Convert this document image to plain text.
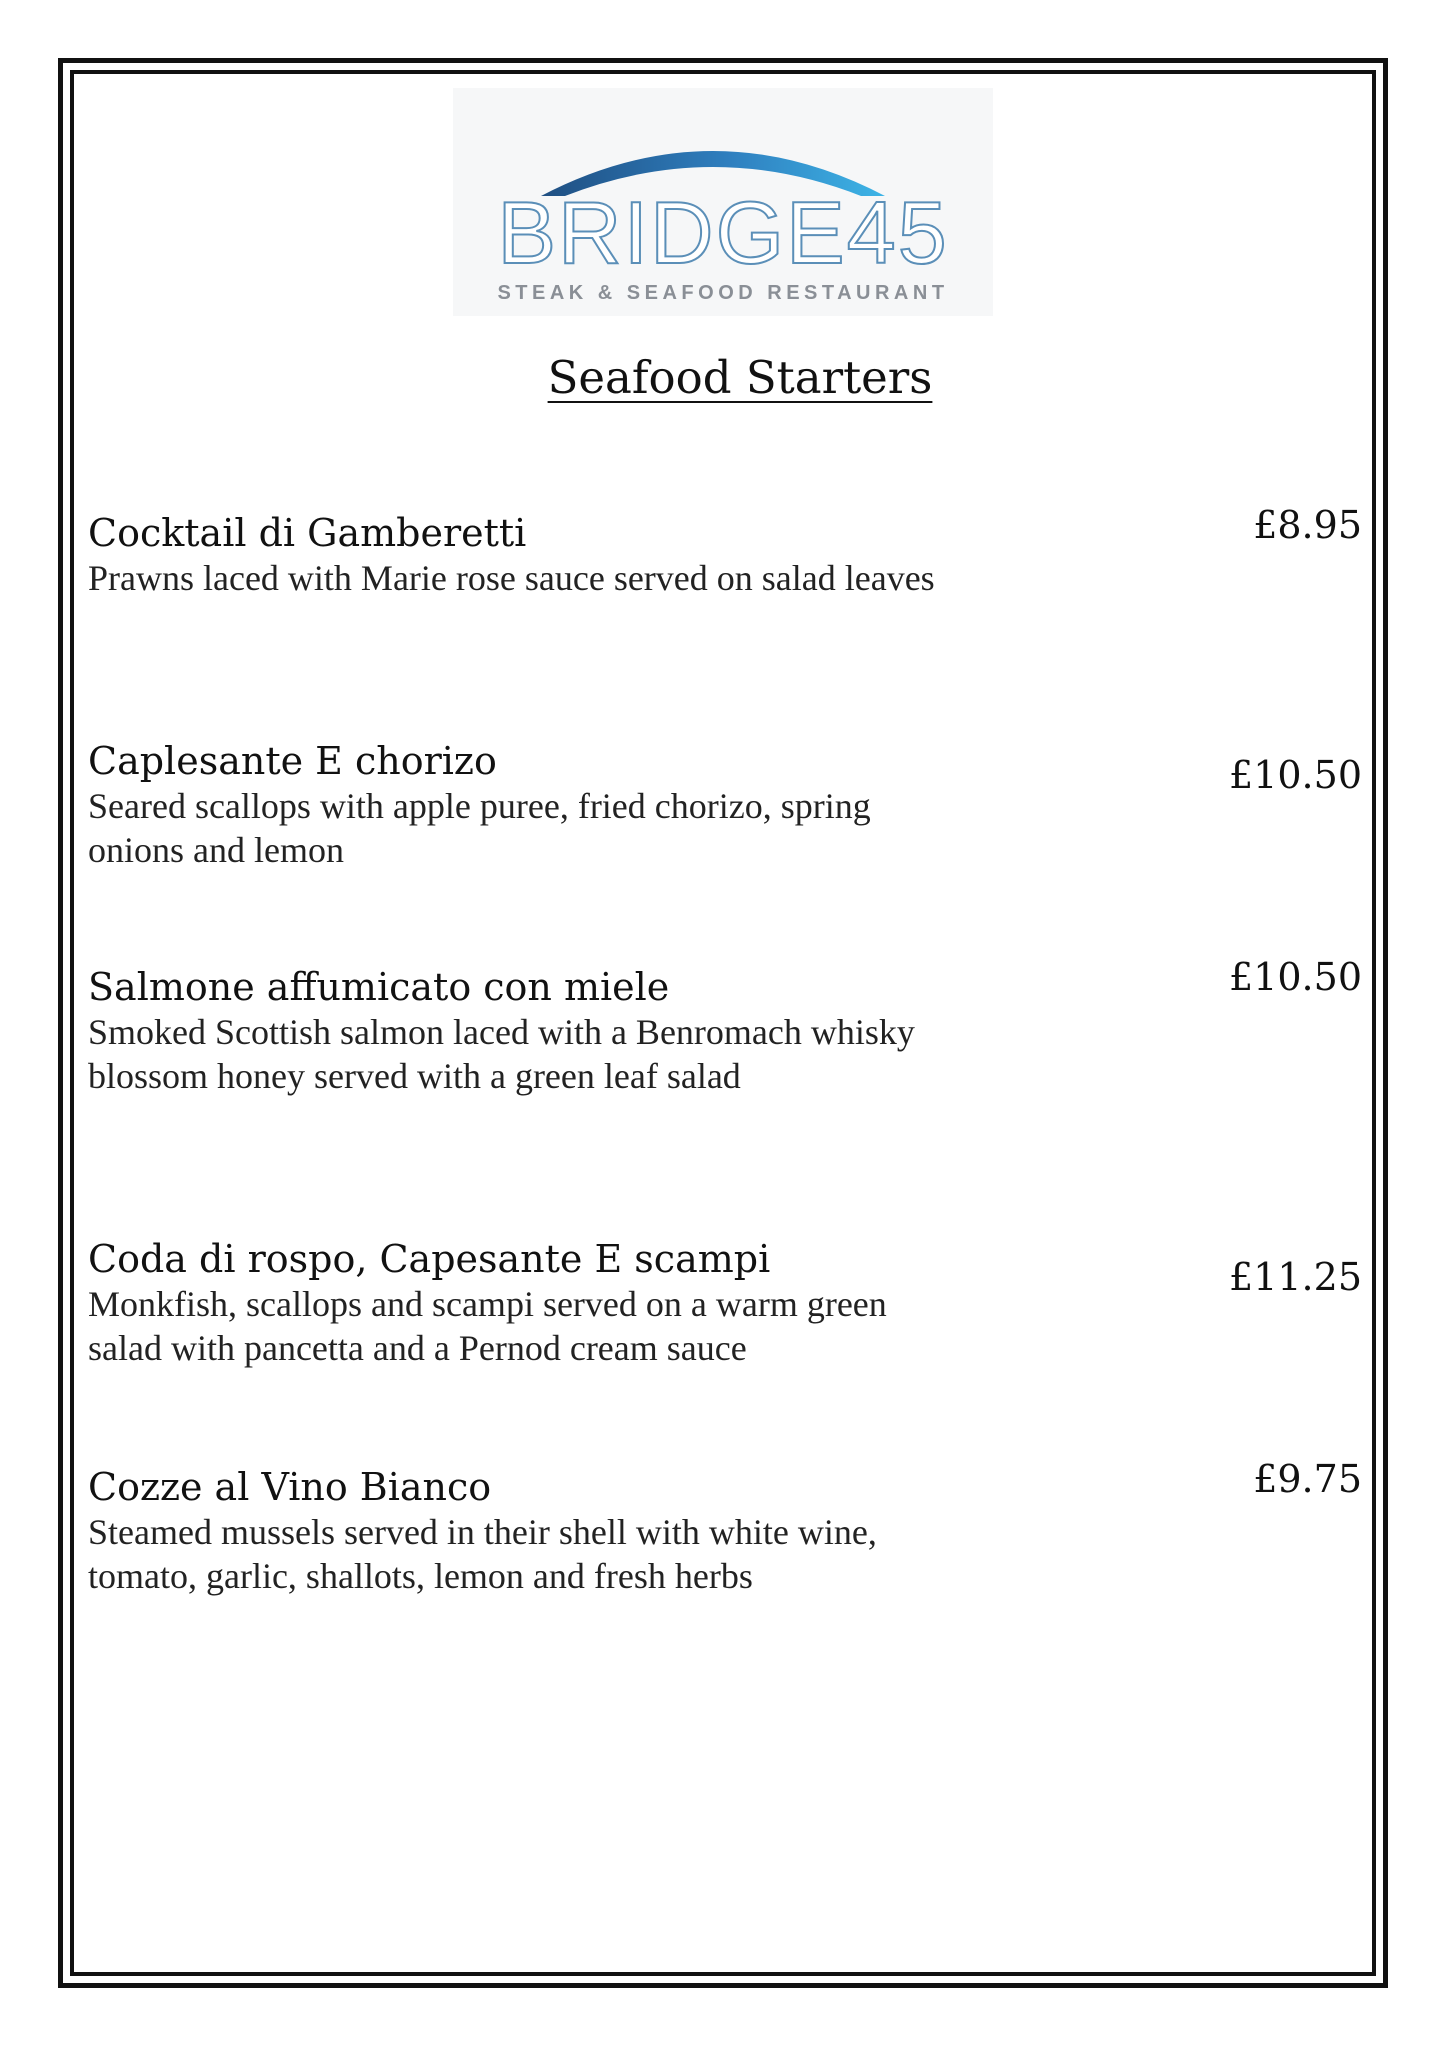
BRIDGE45
STEAK & SEAFOOD RESTAURANT
Seafood Starters

Cocktail di Gamberetti

Prawns laced with Marie rose sauce served on salad leaves

£8.95

Caplesante E chorizo

Seared scallops with apple puree, fried chorizo, spring onions and lemon

£10.50

Salmone affumicato con miele

Smoked Scottish salmon laced with a Benromach whisky blossom honey served with a green leaf salad

£10.50

Coda di rospo, Capesante E scampi

Monkfish, scallops and scampi served on a warm green salad with pancetta and a Pernod cream sauce

£11.25

Cozze al Vino Bianco

Steamed mussels served in their shell with white wine, tomato, garlic, shallots, lemon and fresh herbs

£9.75
